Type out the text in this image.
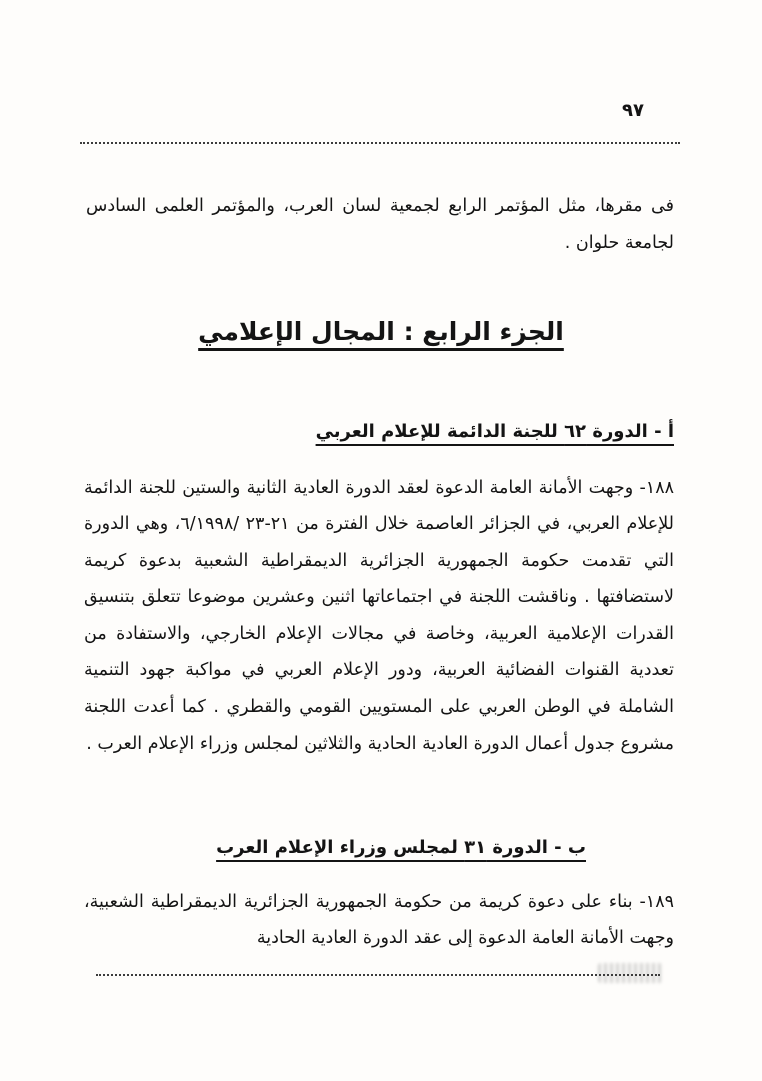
٩٧

فى مقرها، مثل المؤتمر الرابع لجمعية لسان العرب، والمؤتمر العلمى السادس لجامعة حلوان .

الجزء الرابع : المجال الإعلامي
أ - الدورة ٦٢ للجنة الدائمة للإعلام العربي

١٨٨- وجهت الأمانة العامة الدعوة لعقد الدورة العادية الثانية والستين للجنة الدائمة للإعلام العربي، في الجزائر العاصمة خلال الفترة من ٢١-٢٣ /٦/١٩٩٨، وهي الدورة التي تقدمت حكومة الجمهورية الجزائرية الديمقراطية الشعبية بدعوة كريمة لاستضافتها . وناقشت اللجنة في اجتماعاتها اثنين وعشرين موضوعا تتعلق بتنسيق القدرات الإعلامية العربية، وخاصة في مجالات الإعلام الخارجي، والاستفادة من تعددية القنوات الفضائية العربية، ودور الإعلام العربي في مواكبة جهود التنمية الشاملة في الوطن العربي على المستويين القومي والقطري . كما أعدت اللجنة مشروع جدول أعمال الدورة العادية الحادية والثلاثين لمجلس وزراء الإعلام العرب .

ب - الدورة ٣١ لمجلس وزراء الإعلام العرب

١٨٩- بناء على دعوة كريمة من حكومة الجمهورية الجزائرية الديمقراطية الشعبية، وجهت الأمانة العامة الدعوة إلى عقد الدورة العادية الحادية
